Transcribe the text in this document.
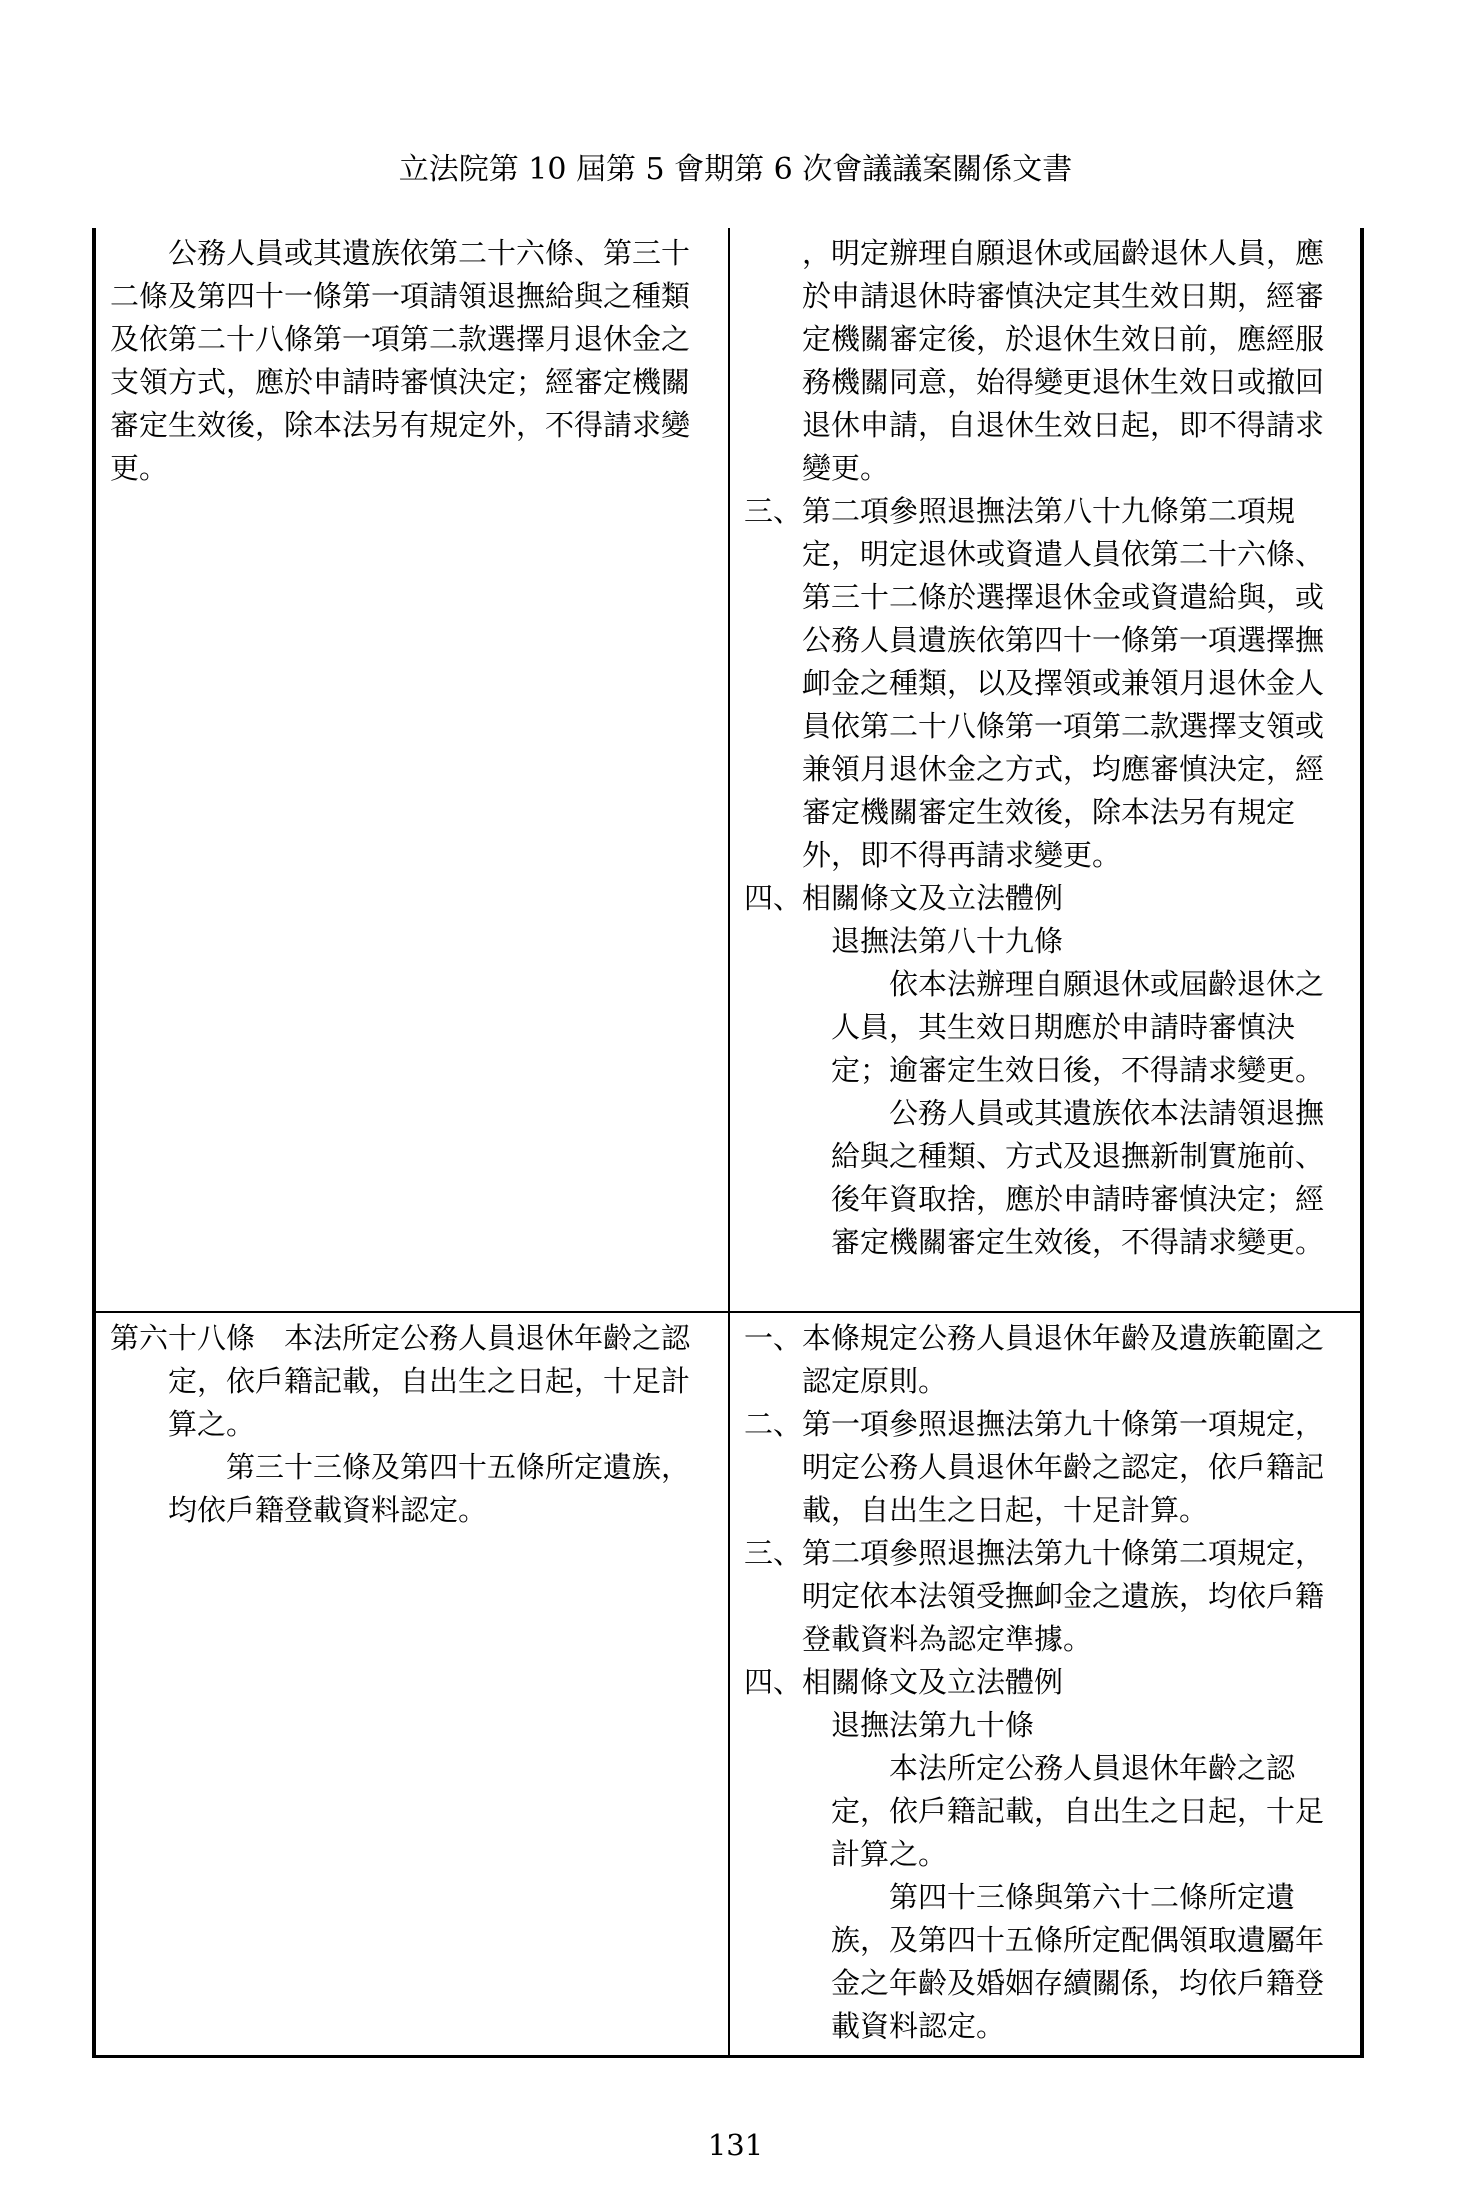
立法院第 10 屆第 5 會期第 6 次會議議案關係文書

公務人員或其遺族依第二十六條、第三十二條及第四十一條第一項請領退撫給與之種類及依第二十八條第一項第二款選擇月退休金之支領方式，應於申請時審慎決定；經審定機關審定生效後，除本法另有規定外，不得請求變更。

，明定辦理自願退休或屆齡退休人員，應於申請退休時審慎決定其生效日期，經審定機關審定後，於退休生效日前，應經服務機關同意，始得變更退休生效日或撤回退休申請，自退休生效日起，即不得請求變更。

三、第二項參照退撫法第八十九條第二項規定，明定退休或資遣人員依第二十六條、第三十二條於選擇退休金或資遣給與，或公務人員遺族依第四十一條第一項選擇撫卹金之種類，以及擇領或兼領月退休金人員依第二十八條第一項第二款選擇支領或兼領月退休金之方式，均應審慎決定，經審定機關審定生效後，除本法另有規定外，即不得再請求變更。

四、相關條文及立法體例

退撫法第八十九條

依本法辦理自願退休或屆齡退休之人員，其生效日期應於申請時審慎決定；逾審定生效日後，不得請求變更。

公務人員或其遺族依本法請領退撫給與之種類、方式及退撫新制實施前、後年資取捨，應於申請時審慎決定；經審定機關審定生效後，不得請求變更。

第六十八條　本法所定公務人員退休年齡之認定，依戶籍記載，自出生之日起，十足計算之。

第三十三條及第四十五條所定遺族，均依戶籍登載資料認定。

一、本條規定公務人員退休年齡及遺族範圍之認定原則。

二、第一項參照退撫法第九十條第一項規定，明定公務人員退休年齡之認定，依戶籍記載，自出生之日起，十足計算。

三、第二項參照退撫法第九十條第二項規定，明定依本法領受撫卹金之遺族，均依戶籍登載資料為認定準據。

四、相關條文及立法體例

退撫法第九十條

本法所定公務人員退休年齡之認定，依戶籍記載，自出生之日起，十足計算之。

第四十三條與第六十二條所定遺族，及第四十五條所定配偶領取遺屬年金之年齡及婚姻存續關係，均依戶籍登載資料認定。

131
